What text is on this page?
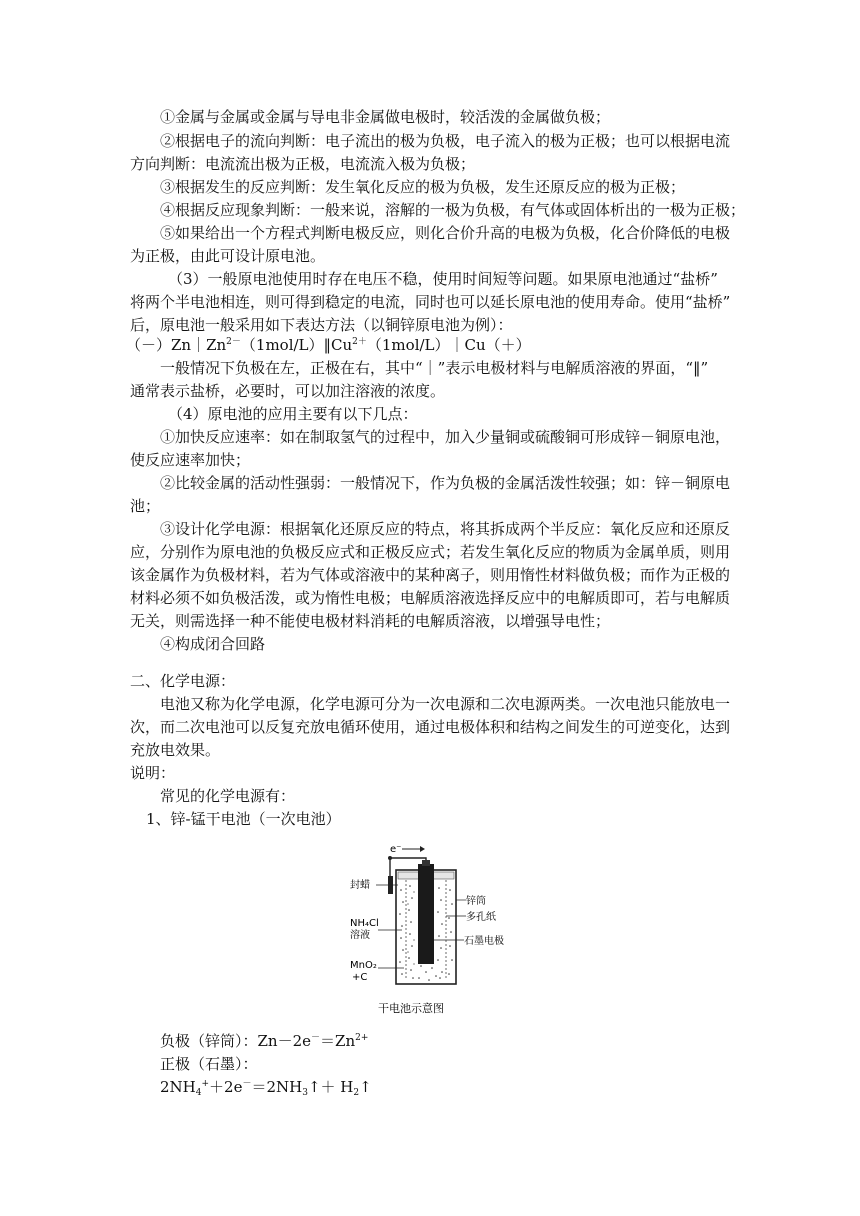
①金属与金属或金属与导电非金属做电极时，较活泼的金属做负极；
②根据电子的流向判断：电子流出的极为负极，电子流入的极为正极；也可以根据电流
方向判断：电流流出极为正极，电流流入极为负极；
③根据发生的反应判断：发生氧化反应的极为负极，发生还原反应的极为正极；
④根据反应现象判断：一般来说，溶解的一极为负极，有气体或固体析出的一极为正极；
⑤如果给出一个方程式判断电极反应，则化合价升高的电极为负极，化合价降低的电极
为正极，由此可设计原电池。
（3）一般原电池使用时存在电压不稳，使用时间短等问题。如果原电池通过“盐桥”
将两个半电池相连，则可得到稳定的电流，同时也可以延长原电池的使用寿命。使用“盐桥”
后，原电池一般采用如下表达方法（以铜锌原电池为例）：
$(-)Zn|Zn^{2-}(1mol/L)‖Cu^{2+}(1mol/L)|Cu(+)$
一般情况下负极在左，正极在右，其中“｜”表示电极材料与电解质溶液的界面，“‖”
通常表示盐桥，必要时，可以加注溶液的浓度。
（4）原电池的应用主要有以下几点：
①加快反应速率：如在制取氢气的过程中，加入少量铜或硫酸铜可形成锌－铜原电池，
使反应速率加快；
②比较金属的活动性强弱：一般情况下，作为负极的金属活泼性较强；如：锌－铜原电
池；
③设计化学电源：根据氧化还原反应的特点，将其拆成两个半反应：氧化反应和还原反
应，分别作为原电池的负极反应式和正极反应式；若发生氧化反应的物质为金属单质，则用
该金属作为负极材料，若为气体或溶液中的某种离子，则用惰性材料做负极；而作为正极的
材料必须不如负极活泼，或为惰性电极；电解质溶液选择反应中的电解质即可，若与电解质
无关，则需选择一种不能使电极材料消耗的电解质溶液，以增强导电性；
④构成闭合回路
二、化学电源：
电池又称为化学电源，化学电源可分为一次电源和二次电源两类。一次电池只能放电一
次，而二次电池可以反复充放电循环使用，通过电极体积和结构之间发生的可逆变化，达到
充放电效果。
说明：
常见的化学电源有：
1、锌-锰干电池（一次电池）
e⁻
封蜡
NH₄Cl
溶液
MnO₂
+C
锌筒
多孔纸
石墨电极
干电池示意图
负极（锌筒）：$Zn-2e^-=Zn^{2+}$
正极（石墨）：
$2NH_4^++2e^-=2NH_3↑+$ $H_2↑$
